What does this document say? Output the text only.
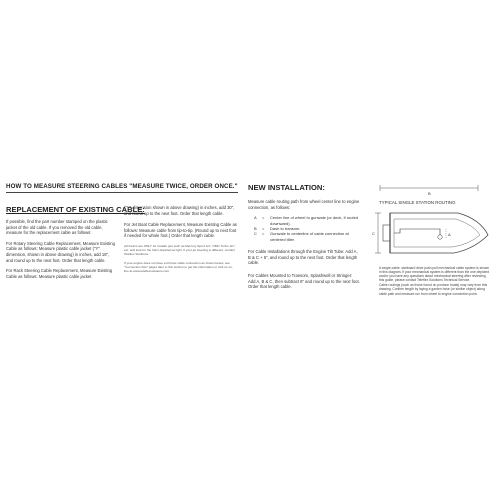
HOW TO MEASURE STEERING CABLES "MEASURE TWICE, ORDER ONCE."
REPLACEMENT OF EXISTING CABLE:
If possible, find the part number stamped on the plastic jacket of the old cable. If you removed the old cable, measure for the replacement cable as follows:
For Rotary Steering Cable Replacement, Measure Existing Cable as follows: Measure plastic cable jacket ("Y" dimension, shown in above drawing) in inches, add 18", and round up to the next foot. Order that length cable.
For Rack Steering Cable Replacement, Measure Existing Cable as follows: Measure plastic cable jacket
("Y" dimension shown in above drawing) in inches, add 30", and round up to the next foot. Order that length cable.
For Jet Boat Cable Replacement, Measure Existing Cable as follows: Measure cable from tip-to-tip. (Round up to next foot if needed for whole foot.) Order that length cable.
(All helms are ONLY for smaller jets such as Mercury Sport Jet", OMC Turbo Jet", etc. and look for the helm depicted at right. If your jet steering is different, contact Teleflex Solutions.
If your engine does not have a tilt tube cable connection as shown below, see "Connection Kits" pages later in this section to get the information or visit us on-line at www.teleflexsolutions.com
NEW INSTALLATION:
Measure cable routing path from wheel center line to engine connection, as follows:
A	=	Center line of wheel to gunwale (or deck, if routed downward).
B	=	Dash to transom.
C	=	Gunwale to centerline of cable connection at centered tiller.
For Cable Installations through the Engine Tilt Tube: Add A, B & C + 6", and round up to the next foot. Order that length cable.
For Cables Mounted to Transom, Splashwell or Stringer: Add A, B & C, then subtract 6" and round up to the next foot. Order that length cable.
TYPICAL SINGLE STATION ROUTING
C
B
A
A single-cable, starboard drive push-pull mechanical cable system is shown in this diagram. If your mechanical system is different than the one depicted and/or you have any questions about mechanical steering after reviewing this guide, please contact Teleflex Solutions Technical Service.
Cable routings (such as those found on pontoon boats) may vary from this drawing. Confirm length by laying a garden hose (or similar object) along cable path and measure run from wheel to engine connection point.
